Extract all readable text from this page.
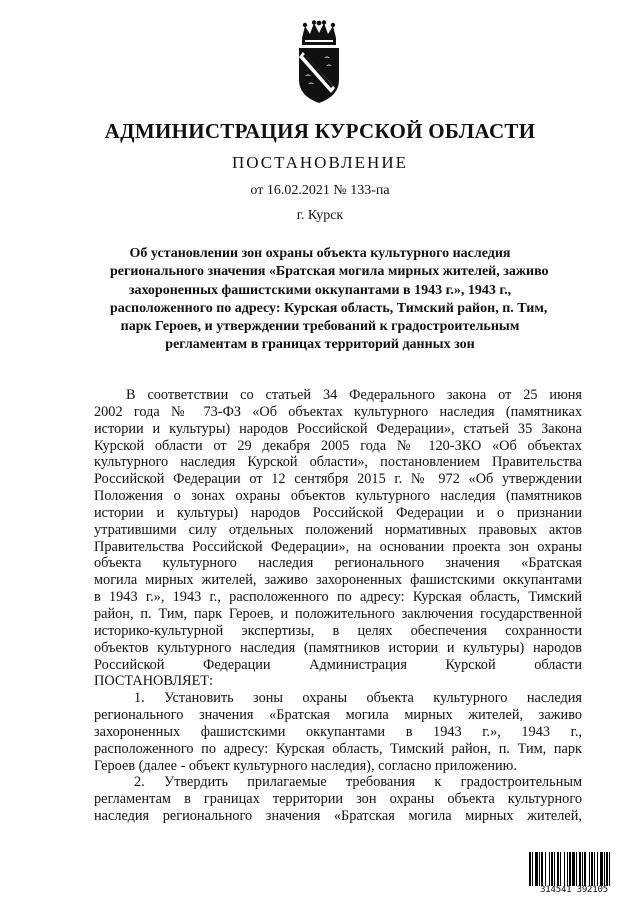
АДМИНИСТРАЦИЯ КУРСКОЙ ОБЛАСТИ
ПОСТАНОВЛЕНИЕ
от 16.02.2021 № 133-па
г. Курск
Об установлении зон охраны объекта культурного наследия
регионального значения «Братская могила мирных жителей, заживо
захороненных фашистскими оккупантами в 1943 г.», 1943 г.,
расположенного по адресу: Курская область, Тимский район, п. Тим,
парк Героев, и утверждении требований к градостроительным
регламентам в границах территорий данных зон
В соответствии со статьей 34 Федерального закона от 25 июня
2002 года № 73-ФЗ «Об объектах культурного наследия (памятниках
истории и культуры) народов Российской Федерации», статьей 35 Закона
Курской области от 29 декабря 2005 года № 120-ЗКО «Об объектах
культурного наследия Курской области», постановлением Правительства
Российской Федерации от 12 сентября 2015 г. № 972 «Об утверждении
Положения о зонах охраны объектов культурного наследия (памятников
истории и культуры) народов Российской Федерации и о признании
утратившими силу отдельных положений нормативных правовых актов
Правительства Российской Федерации», на основании проекта зон охраны
объекта культурного наследия регионального значения «Братская
могила мирных жителей, заживо захороненных фашистскими оккупантами
в 1943 г.», 1943 г., расположенного по адресу: Курская область, Тимский
район, п. Тим, парк Героев, и положительного заключения государственной
историко-культурной экспертизы, в целях обеспечения сохранности
объектов культурного наследия (памятников истории и культуры) народов
Российской Федерации Администрация Курской области
ПОСТАНОВЛЯЕТ:
1. Установить зоны охраны объекта культурного наследия
регионального значения «Братская могила мирных жителей, заживо
захороненных фашистскими оккупантами в 1943 г.», 1943 г.,
расположенного по адресу: Курская область, Тимский район, п. Тим, парк
Героев (далее - объект культурного наследия), согласно приложению.
2. Утвердить прилагаемые требования к градостроительным
регламентам в границах территории зон охраны объекта культурного
наследия регионального значения «Братская могила мирных жителей,
314541 392105
